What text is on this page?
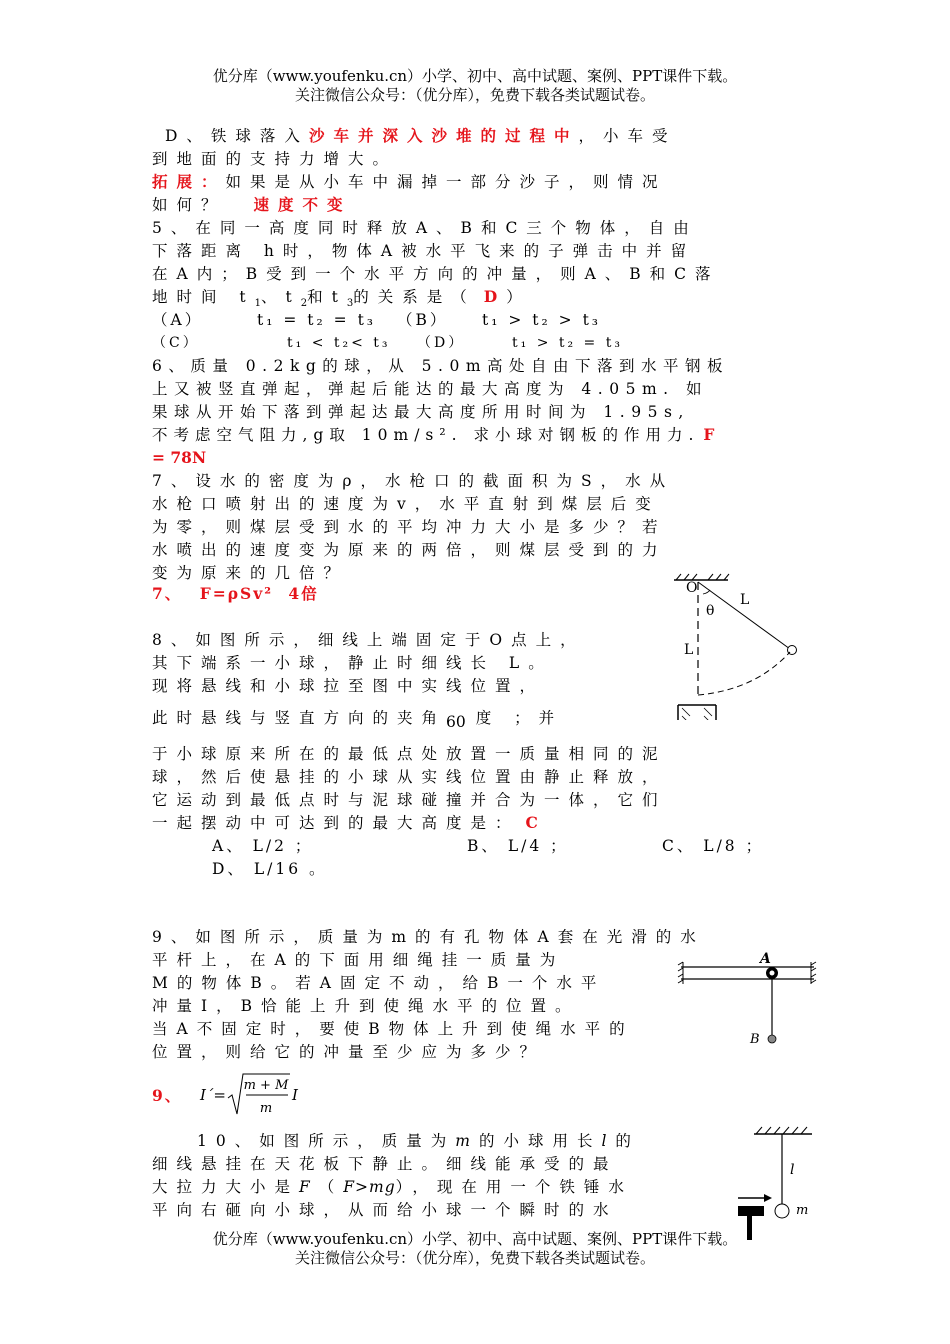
优分库（www.youfenku.cn）小学、初中、高中试题、案例、PPT课件下载。
关注微信公众号：（优分库），免费下载各类试题试卷。
D、铁球落入沙车并深入沙堆的过程中，小车受
到地面的支持力增大。
拓展：如果是从小车中漏掉一部分沙子，则情况
如何？ 速度不变
5、在同一高度同时释放A、B和C三个物体，自由
下落距离 h时，物体A被水平飞来的子弹击中并留
在A内；B受到一个水平方向的冲量，则A、B和C落
地时间 $t_1$、$t_2$和$t_3$的关系是（ D）
（A）	t₁ = t₂ = t₃ （B） t₁ > t₂ > t₃
（C）	t₁ < t₂< t₃ （D）	t₁ > t₂ = t₃
6、质量 0.2kg的球，从 5.0m高处自由下落到水平钢板
上又被竖直弹起，弹起后能达的最大高度为 4.05m. 如
果球从开始下落到弹起达最大高度所用时间为 1.95s,
不考虑空气阻力,g取 10m/s². 求小球对钢板的作用力. F
= 78N
7、设水的密度为ρ，水枪口的截面积为S，水从
水枪口喷射出的速度为v，水平直射到煤层后变
为零，则煤层受到水的平均冲力大小是多少？若
水喷出的速度变为原来的两倍，则煤层受到的力
变为原来的几倍？
7、 F=ρSv² 4倍
8、如图所示，细线上端固定于O点上，
其下端系一小球，静止时细线长 L。
现将悬线和小球拉至图中实线位置，
此时悬线与竖直方向的夹角60 度 ；并
于小球原来所在的最低点处放置一质量相同的泥
球，然后使悬挂的小球从实线位置由静止释放，
它运动到最低点时与泥球碰撞并合为一体，它们
一起摆动中可达到的最大高度是： C
A、 L/2 ；	B、 L/4 ；	C、 L/8 ；
D、 L/16 。
O
θ
L
L
9、如图所示，质量为m的有孔物体A套在光滑的水
平杆上，在A的下面用细绳挂一质量为
M的物体B。若A固定不动，给B一个水平
冲量I，B恰能上升到使绳水平的位置。
当A不固定时，要使B物体上升到使绳水平的
位置，则给它的冲量至少应为多少？
9、 I´=
m + M
m
I
A
B
10、如图所示，质量为m的小球用长l的
细线悬挂在天花板下静止。细线能承受的最
大拉力大小是F（F>mg），现在用一个铁锤水
平向右砸向小球，从而给小球一个瞬时的水
l
m
优分库（www.youfenku.cn）小学、初中、高中试题、案例、PPT课件下载。
关注微信公众号：（优分库），免费下载各类试题试卷。
